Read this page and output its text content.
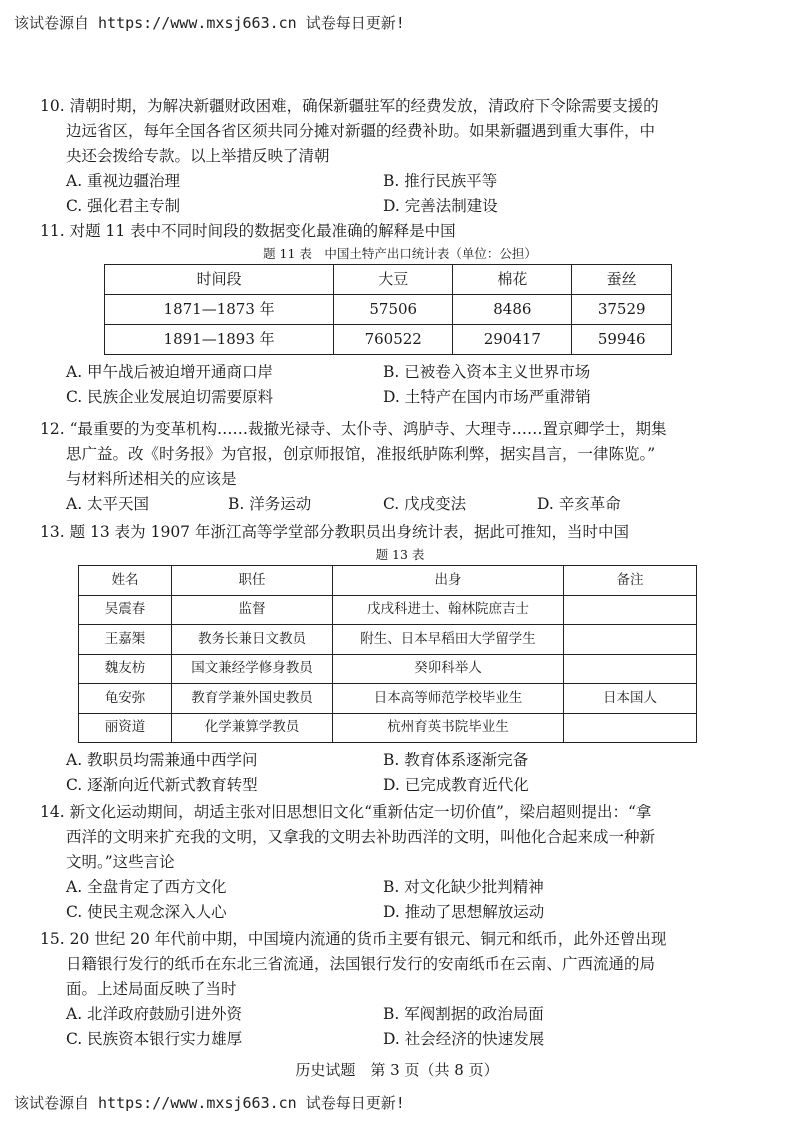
该试卷源自 https://www.mxsj663.cn 试卷每日更新!

10. 清朝时期，为解决新疆财政困难，确保新疆驻军的经费发放，清政府下令除需要支援的

边远省区，每年全国各省区须共同分摊对新疆的经费补助。如果新疆遇到重大事件，中

央还会拨给专款。以上举措反映了清朝

A. 重视边疆治理	B. 推行民族平等
C. 强化君主专制	D. 完善法制建设

11. 对题 11 表中不同时间段的数据变化最准确的解释是中国

题 11 表　中国土特产出口统计表（单位：公担）
时间段	大豆	棉花	蚕丝
1871—1873 年	57506	8486	37529
1891—1893 年	760522	290417	59946
A. 甲午战后被迫增开通商口岸	B. 已被卷入资本主义世界市场
C. 民族企业发展迫切需要原料	D. 土特产在国内市场严重滞销

12. “最重要的为变革机构……裁撤光禄寺、太仆寺、鸿胪寺、大理寺……置京卿学士，期集

思广益。改《时务报》为官报，创京师报馆，准报纸胪陈利弊，据实昌言，一律陈览。”

与材料所述相关的应该是

A. 太平天国	B. 洋务运动	C. 戊戌变法	D. 辛亥革命

13. 题 13 表为 1907 年浙江高等学堂部分教职员出身统计表，据此可推知，当时中国

题 13 表
姓名	职任	出身	备注
吴震春	监督	戊戌科进士、翰林院庶吉士	
王嘉榘	教务长兼日文教员	附生、日本早稻田大学留学生	
魏友枋	国文兼经学修身教员	癸卯科举人	
龟安弥	教育学兼外国史教员	日本高等师范学校毕业生	日本国人
丽资道	化学兼算学教员	杭州育英书院毕业生	
A. 教职员均需兼通中西学问	B. 教育体系逐渐完备
C. 逐渐向近代新式教育转型	D. 已完成教育近代化

14. 新文化运动期间，胡适主张对旧思想旧文化“重新估定一切价值”，梁启超则提出：“拿

西洋的文明来扩充我的文明，又拿我的文明去补助西洋的文明，叫他化合起来成一种新

文明。”这些言论

A. 全盘肯定了西方文化	B. 对文化缺少批判精神
C. 使民主观念深入人心	D. 推动了思想解放运动

15. 20 世纪 20 年代前中期，中国境内流通的货币主要有银元、铜元和纸币，此外还曾出现

日籍银行发行的纸币在东北三省流通，法国银行发行的安南纸币在云南、广西流通的局

面。上述局面反映了当时

A. 北洋政府鼓励引进外资	B. 军阀割据的政治局面
C. 民族资本银行实力雄厚	D. 社会经济的快速发展
历史试题　第 3 页（共 8 页）
该试卷源自 https://www.mxsj663.cn 试卷每日更新!
